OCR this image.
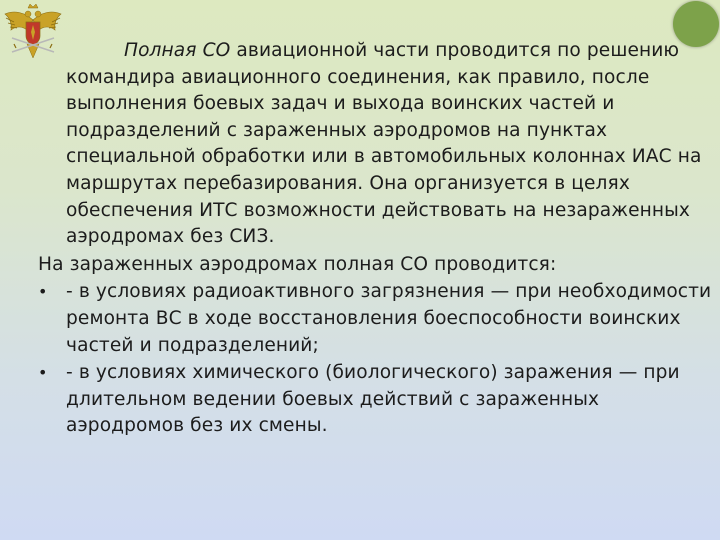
Полная СО авиационной части проводится по решению командира авиационного соединения, как правило, после выполнения боевых задач и выхода воинских частей и подразделений с зараженных аэродромов на пунктах специальной обработки или в автомобильных колоннах ИАС на маршрутах перебазирования. Она организуется в целях обеспечения ИТС возможности действовать на незараженных аэродромах без СИЗ.

На зараженных аэродромах полная СО проводится:

• - в условиях радиоактивного загрязнения — при необходимости ремонта ВС в ходе восстановления боеспособности воинских частей и подразделений;
• - в условиях химического (биологического) заражения — при длительном ведении боевых действий с зараженных аэродромов без их смены.
